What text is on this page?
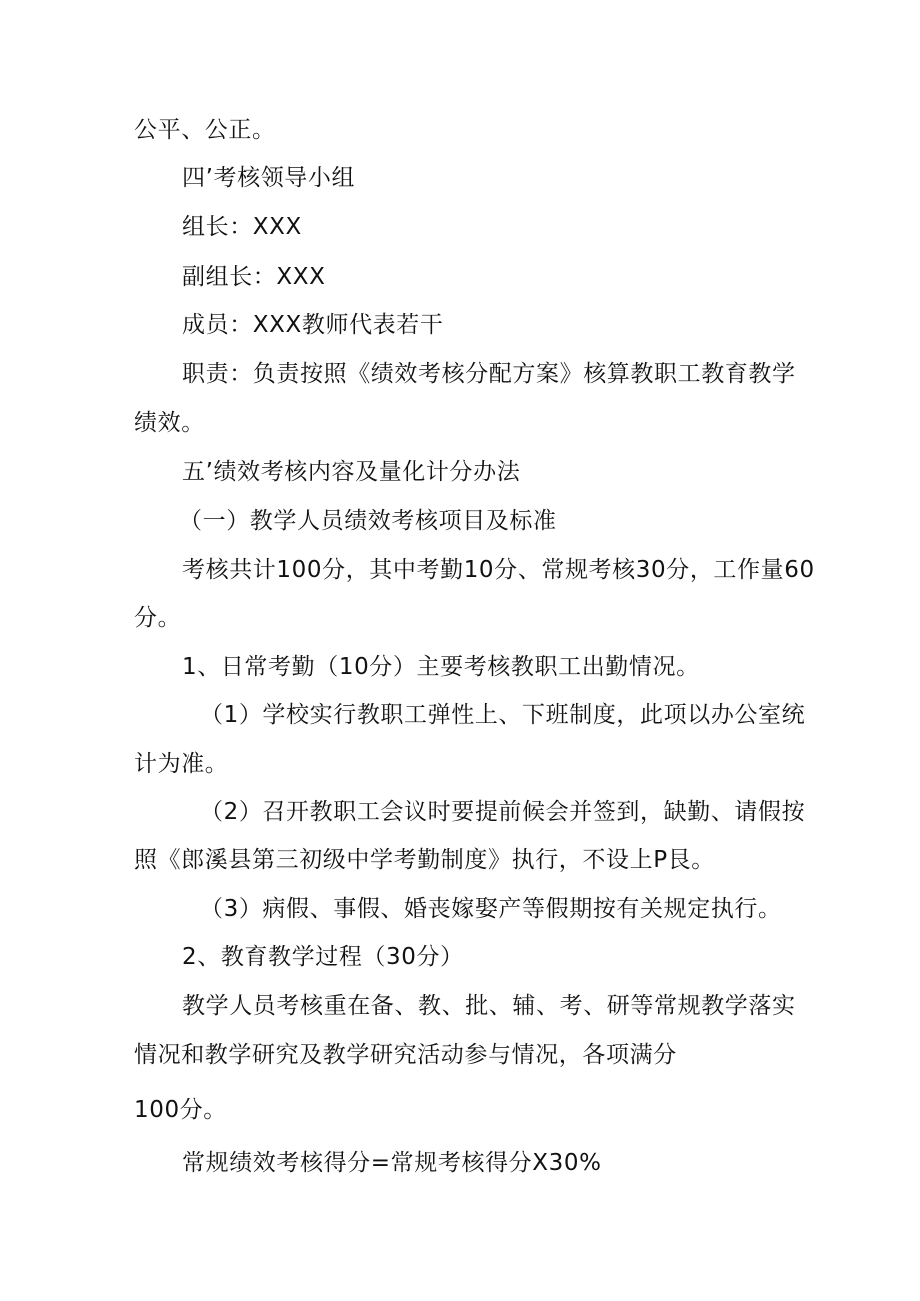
公平、公正。
四’考核领导小组
组长：XXX
副组长：XXX
成员：XXX教师代表若干
职责：负责按照《绩效考核分配方案》核算教职工教育教学
绩效。
五’绩效考核内容及量化计分办法
（一）教学人员绩效考核项目及标准
考核共计100分，其中考勤10分、常规考核30分，工作量60
分。
1、日常考勤（10分）主要考核教职工出勤情况。
（1）学校实行教职工弹性上、下班制度，此项以办公室统
计为准。
（2）召开教职工会议时要提前候会并签到，缺勤、请假按
照《郎溪县第三初级中学考勤制度》执行，不设上P艮。
（3）病假、事假、婚丧嫁娶产等假期按有关规定执行。
2、教育教学过程（30分）
教学人员考核重在备、教、批、辅、考、研等常规教学落实
情况和教学研究及教学研究活动参与情况，各项满分
100分。
常规绩效考核得分=常规考核得分X30%
